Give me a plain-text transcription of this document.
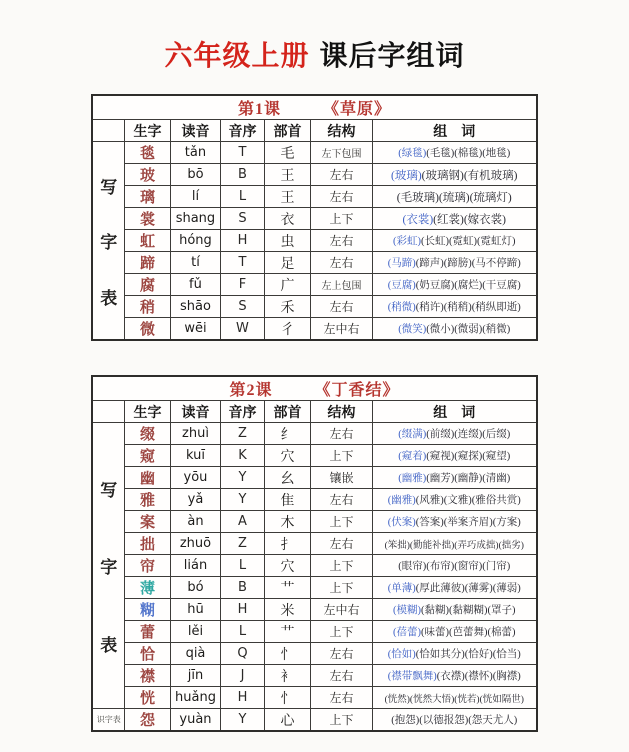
六年级上册 课后字组词
第1课 《草原》						
	生字	读音	音序	部首	结构	组　词

写
字
表	毯	tǎn	T	毛	左下包围	(绿毯)(毛毯)(棉毯)(地毯)
	玻	bō	B	王	左右	(玻璃)(玻璃钢)(有机玻璃)
	璃	lí	L	王	左右	(毛玻璃)(琉璃)(琉璃灯)
	裳	shang	S	衣	上下	(衣裳)(红裳)(嫁衣裳)
	虹	hóng	H	虫	左右	(彩虹)(长虹)(霓虹)(霓虹灯)
	蹄	tí	T	足	左右	(马蹄)(蹄声)(蹄膀)(马不停蹄)
	腐	fǔ	F	广	左上包围	(豆腐)(奶豆腐)(腐烂)(干豆腐)
	稍	shāo	S	禾	左右	(稍微)(稍许)(稍稍)(稍纵即逝)
	微	wēi	W	彳	左中右	(微笑)(微小)(微弱)(稍微)
第2课 《丁香结》						
	生字	读音	音序	部首	结构	组　词

写
字
表	缀	zhuì	Z	纟	左右	(缀满)(前缀)(连缀)(后缀)
	窥	kuī	K	穴	上下	(窥着)(窥视)(窥探)(窥望)
	幽	yōu	Y	幺	镶嵌	(幽雅)(幽芳)(幽静)(清幽)
	雅	yǎ	Y	隹	左右	(幽雅)(风雅)(文雅)(雅俗共赏)
	案	àn	A	木	上下	(伏案)(答案)(举案齐眉)(方案)
	拙	zhuō	Z	扌	左右	(笨拙)(勤能补拙)(弄巧成拙)(拙劣)
	帘	lián	L	穴	上下	(眼帘)(布帘)(窗帘)(门帘)
	薄	bó	B	艹	上下	(单薄)(厚此薄彼)(薄雾)(薄弱)
	糊	hū	H	米	左中右	(模糊)(黏糊)(黏糊糊)(罩子)
	蕾	lěi	L	艹	上下	(蓓蕾)(味蕾)(芭蕾舞)(棉蕾)
	恰	qià	Q	忄	左右	(恰如)(恰如其分)(恰好)(恰当)
	襟	jīn	J	衤	左右	(襟带飘舞)(衣襟)(襟怀)(胸襟)
	恍	huǎng	H	忄	左右	(恍然)(恍然大悟)(恍若)(恍如隔世)
识字表	怨	yuàn	Y	心	上下	(抱怨)(以德报怨)(怨天尤人)
